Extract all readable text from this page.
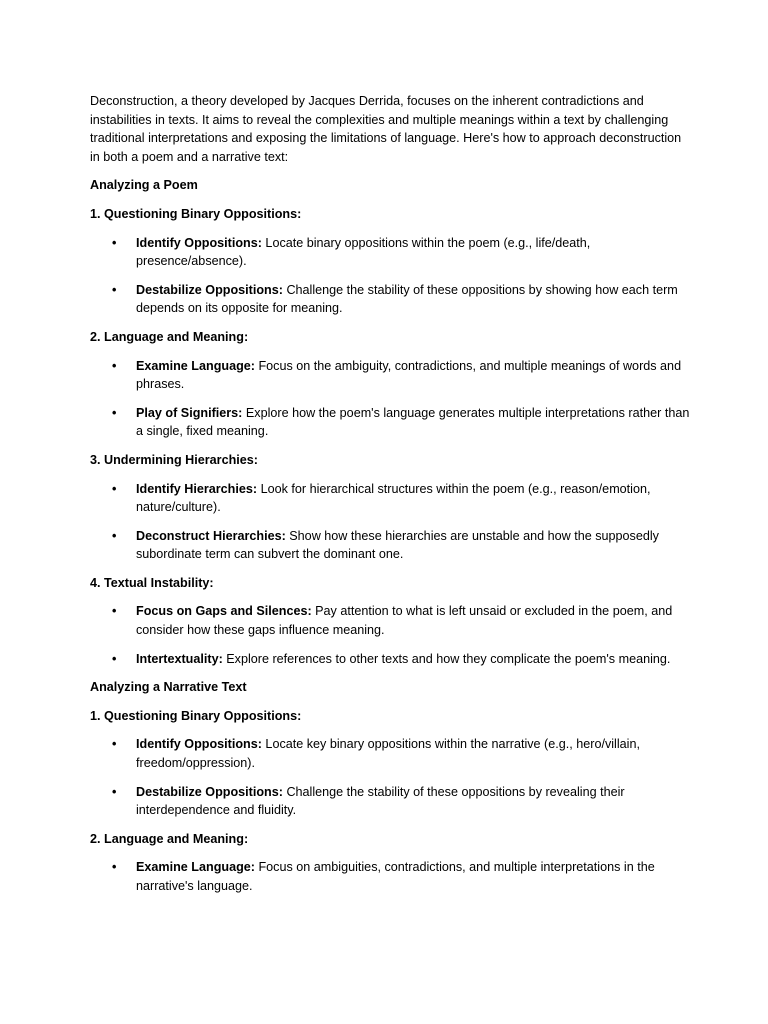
Deconstruction, a theory developed by Jacques Derrida, focuses on the inherent contradictions and instabilities in texts. It aims to reveal the complexities and multiple meanings within a text by challenging traditional interpretations and exposing the limitations of language. Here's how to approach deconstruction in both a poem and a narrative text:

Analyzing a Poem

1. Questioning Binary Oppositions:

• Identify Oppositions: Locate binary oppositions within the poem (e.g., life/death, presence/absence).
• Destabilize Oppositions: Challenge the stability of these oppositions by showing how each term depends on its opposite for meaning.

2. Language and Meaning:

• Examine Language: Focus on the ambiguity, contradictions, and multiple meanings of words and phrases.
• Play of Signifiers: Explore how the poem's language generates multiple interpretations rather than a single, fixed meaning.

3. Undermining Hierarchies:

• Identify Hierarchies: Look for hierarchical structures within the poem (e.g., reason/emotion, nature/culture).
• Deconstruct Hierarchies: Show how these hierarchies are unstable and how the supposedly subordinate term can subvert the dominant one.

4. Textual Instability:

• Focus on Gaps and Silences: Pay attention to what is left unsaid or excluded in the poem, and consider how these gaps influence meaning.
• Intertextuality: Explore references to other texts and how they complicate the poem's meaning.

Analyzing a Narrative Text

1. Questioning Binary Oppositions:

• Identify Oppositions: Locate key binary oppositions within the narrative (e.g., hero/villain, freedom/oppression).
• Destabilize Oppositions: Challenge the stability of these oppositions by revealing their interdependence and fluidity.

2. Language and Meaning:

• Examine Language: Focus on ambiguities, contradictions, and multiple interpretations in the narrative's language.
